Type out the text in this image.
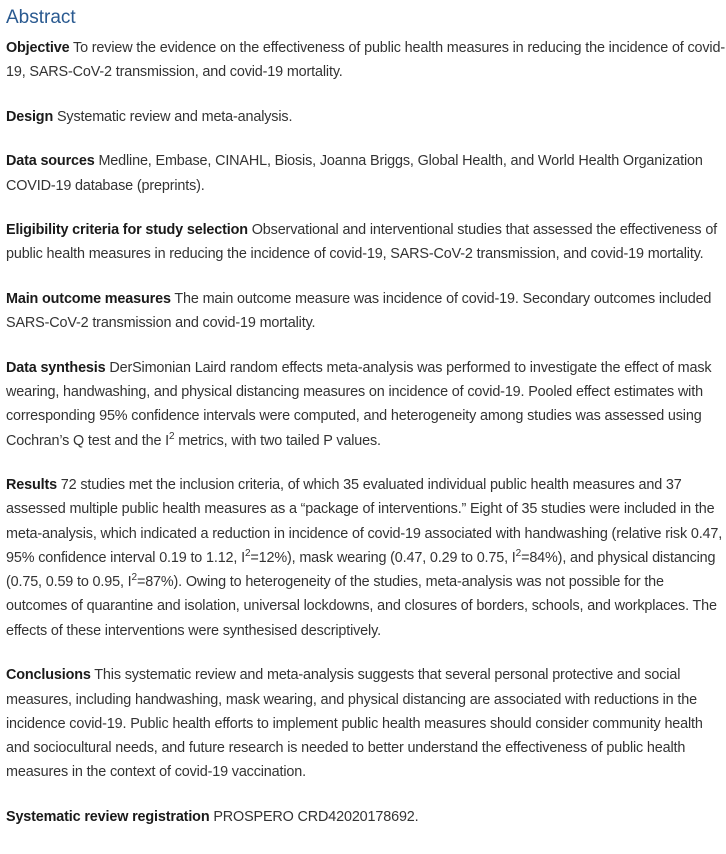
Abstract

Objective To review the evidence on the effectiveness of public health measures in reducing the incidence of covid-19, SARS-CoV-2 transmission, and covid-19 mortality.

Design Systematic review and meta-analysis.

Data sources Medline, Embase, CINAHL, Biosis, Joanna Briggs, Global Health, and World Health Organization COVID-19 database (preprints).

Eligibility criteria for study selection Observational and interventional studies that assessed the effectiveness of public health measures in reducing the incidence of covid-19, SARS-CoV-2 transmission, and covid-19 mortality.

Main outcome measures The main outcome measure was incidence of covid-19. Secondary outcomes included SARS-CoV-2 transmission and covid-19 mortality.

Data synthesis DerSimonian Laird random effects meta-analysis was performed to investigate the effect of mask wearing, handwashing, and physical distancing measures on incidence of covid-19. Pooled effect estimates with corresponding 95% confidence intervals were computed, and heterogeneity among studies was assessed using Cochran’s Q test and the $I^2$ metrics, with two tailed P values.

Results 72 studies met the inclusion criteria, of which 35 evaluated individual public health measures and 37 assessed multiple public health measures as a “package of interventions.” Eight of 35 studies were included in the meta-analysis, which indicated a reduction in incidence of covid-19 associated with handwashing (relative risk 0.47, 95% confidence interval 0.19 to 1.12, $I^2=12\%$), mask wearing (0.47, 0.29 to 0.75, $I^2=84\%$), and physical distancing (0.75, 0.59 to 0.95, $I^2=87\%$). Owing to heterogeneity of the studies, meta-analysis was not possible for the outcomes of quarantine and isolation, universal lockdowns, and closures of borders, schools, and workplaces. The effects of these interventions were synthesised descriptively.

Conclusions This systematic review and meta-analysis suggests that several personal protective and social measures, including handwashing, mask wearing, and physical distancing are associated with reductions in the incidence covid-19. Public health efforts to implement public health measures should consider community health and sociocultural needs, and future research is needed to better understand the effectiveness of public health measures in the context of covid-19 vaccination.

Systematic review registration PROSPERO CRD42020178692.
